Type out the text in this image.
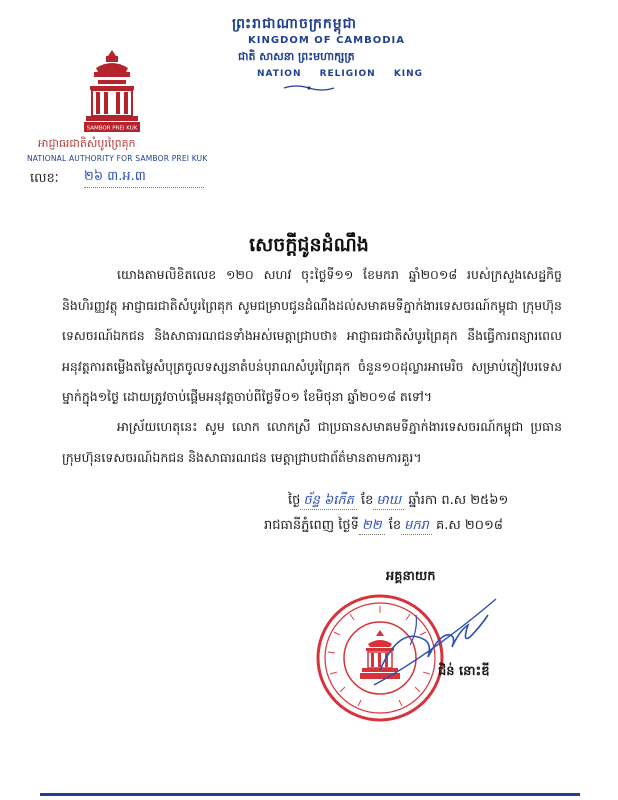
ព្រះរាជាណាចក្រកម្ពុជា
KINGDOM OF CAMBODIA
ជាតិ សាសនា ព្រះមហាក្សត្រ
NATION RELIGION KING
SAMBOR PREI KUK
អាជ្ញាធរជាតិសំបូរព្រៃគុក
NATIONAL AUTHORITY FOR SAMBOR PREI KUK
លេខៈ ២៦ ៣.អ.៣
សេចក្តីជូនដំណឹង
យោងតាមលិខិតលេខ ១២០ សហវ ចុះថ្ងៃទី១១ ខែមករា ឆ្នាំ២០១៨ របស់ក្រសួងសេដ្ឋកិច្ច និងហិរញ្ញវត្ថុ អាជ្ញាធរជាតិសំបូរព្រៃគុក សូមជម្រាបជូនដំណឹងដល់សមាគមទីភ្នាក់ងារទេសចរណ៍កម្ពុជា ក្រុមហ៊ុនទេសចរណ៍ឯកជន និងសាធារណជនទាំងអស់មេត្តាជ្រាបថា៖ អាជ្ញាធរជាតិសំបូរព្រៃគុក នឹងធ្វើការពន្យារពេលអនុវត្តការតម្លើងតម្លៃសំបុត្រចូលទស្សនាតំបន់បុរាណសំបូរព្រៃគុក ចំនួន១០ដុល្លារអាមេរិច សម្រាប់ភ្ញៀវបរទេសម្នាក់ក្នុង១ថ្ងៃ ដោយត្រូវចាប់ផ្តើមអនុវត្តចាប់ពីថ្ងៃទី០១ ខែមិថុនា ឆ្នាំ២០១៨ តទៅ។
អាស្រ័យហេតុនេះ សូម លោក លោកស្រី ជាប្រធានសមាគមទីភ្នាក់ងារទេសចរណ៍កម្ពុជា ប្រធានក្រុមហ៊ុនទេសចរណ៍ឯកជន និងសាធារណជន មេត្តាជ្រាបជាព័ត៌មានតាមការគួរ។
ថ្ងៃ ច័ន្ទ ៦កើត ខែ មាឃ ឆ្នាំរកា ព.ស ២៥៦១
រាជធានីភ្នំពេញ ថ្ងៃទី ២២ ខែ មករា គ.ស ២០១៨
អគ្គនាយក
ជិន់ នោះឌី
